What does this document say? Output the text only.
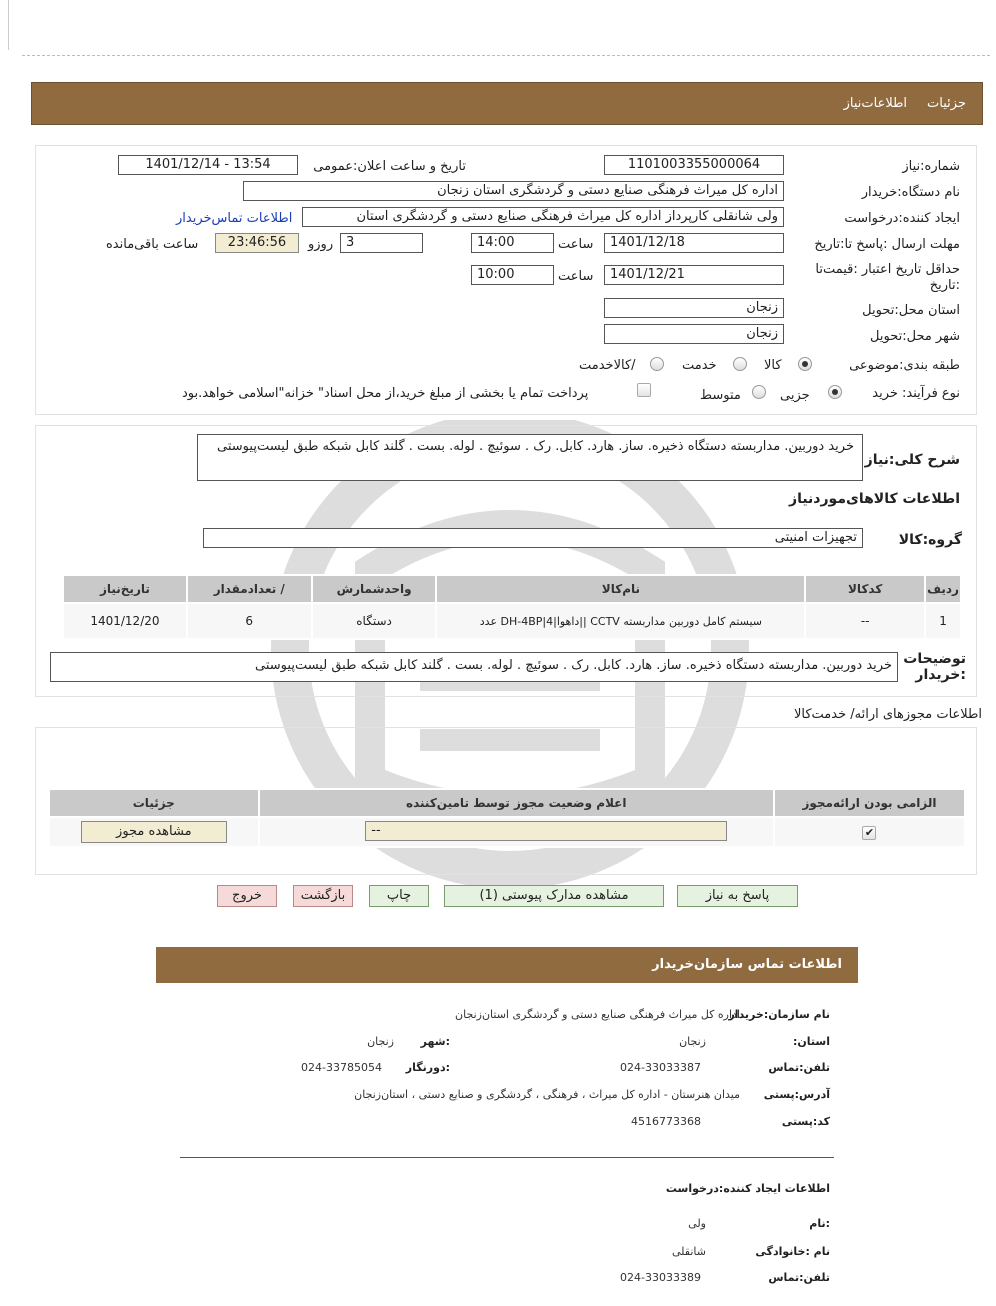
جزئیات
اطلاعات‌نیاز
شماره:نیاز
1101003355000064
تاریخ و ساعت اعلان:عمومی
1401/12/14 - 13:54
نام دستگاه:خریدار
اداره کل میراث فرهنگی صنایع دستی و گردشگری استان زنجان
ایجاد کننده:درخواست
ولی شانقلی کارپرداز اداره کل میراث فرهنگی صنایع دستی و گردشگری استان
اطلاعات تماس‌خریدار
مهلت ارسال :پاسخ تا:تاریخ
1401/12/18
ساعت
14:00
3
روزو
23:46:56
ساعت باقی‌مانده
حداقل تاریخ اعتبار :قیمت‌تا :تاریخ
1401/12/21
ساعت
10:00
استان محل:تحویل
زنجان
شهر محل:تحویل
زنجان
طبقه بندی:موضوعی
کالا
خدمت
/کالاخدمت
نوع فرآیند: خرید
جزیی
متوسط
پرداخت تمام یا بخشی از مبلغ خرید،از محل اسناد" خزانه"اسلامی خواهد.بود
شرح کلی:نیاز
خرید دوربین. مداربسته دستگاه ذخیره. ساز. هارد. کابل. رک . سوئیچ . لوله. بست . گلند کابل شبکه طبق لیست‌پیوستی
اطلاعات کالاهای‌موردنیاز
گروه:کالا
تجهیزات امنیتی
ردیف	کدکالا	نام‌کالا	واحدشمارش	/ تعدادمقدار	تاریخ‌نیاز
1	--	سیستم کامل دوربین مداربسته CCTV ||داهوا|4|DH-4BP عدد	دستگاه	6	1401/12/20
توضیحات :خریدار
خرید دوربین. مداربسته دستگاه ذخیره. ساز. هارد. کابل. رک . سوئیچ . لوله. بست . گلند کابل شبکه طبق لیست‌پیوستی
اطلاعات مجوزهای ارائه/ خدمت‌کالا
الزامی بودن ارائه‌مجوز	اعلام وضعیت مجوز توسط تامین‌کننده	جزئیات
✔	--	مشاهده مجوز
پاسخ به نیاز
مشاهده مدارک پیوستی (1)
چاپ
بازگشت
خروج
اطلاعات تماس سازمان‌خریدار
نام سازمان:خریدار
اداره کل میراث فرهنگی صنایع دستی و گردشگری استان‌زنجان
استان:
زنجان
:شهر
زنجان
تلفن:تماس
024-33033387
:دورنگار
024-33785054
آدرس:پستی
میدان هنرستان - اداره کل میراث ، فرهنگی ، گردشگری و صنایع دستی ، استان‌زنجان
کد:پستی
4516773368
اطلاعات ایجاد کننده:درخواست
:نام
ولی
نام :خانوادگی
شانقلی
تلفن:تماس
024-33033389
